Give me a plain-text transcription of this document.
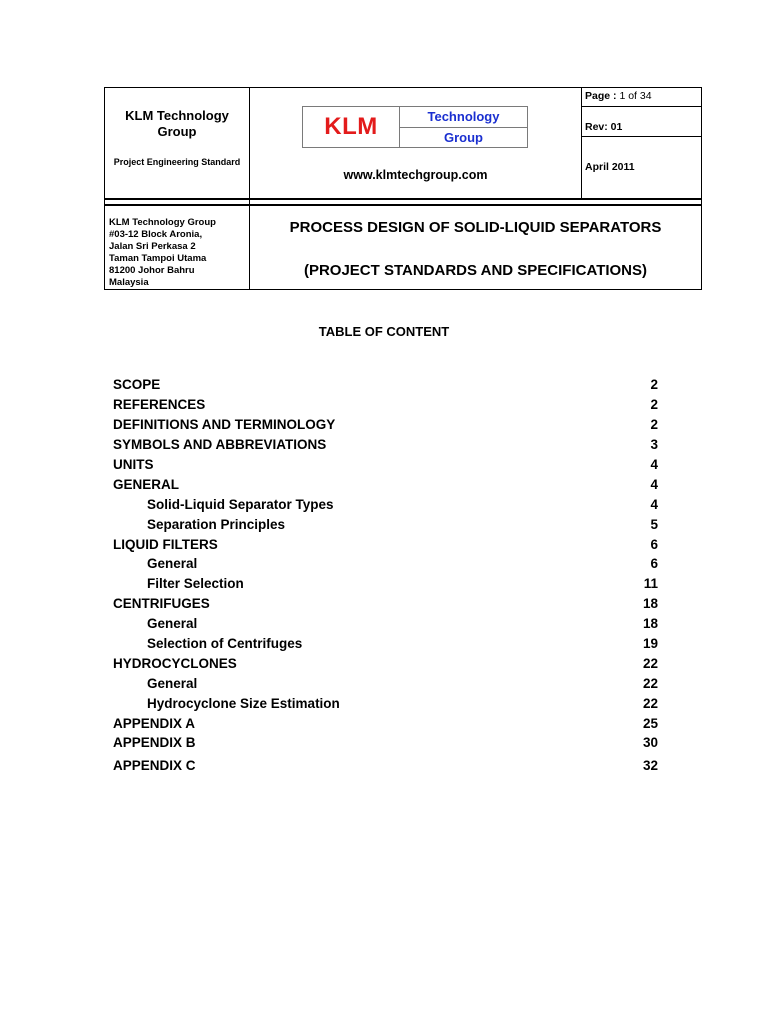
KLM Technology Group
Project Engineering Standard
KLM	Technology
Group
www.klmtechgroup.com
Page : 1 of 34
Rev: 01
April 2011
KLM Technology Group
#03-12 Block Aronia,
Jalan Sri Perkasa 2
Taman Tampoi Utama
81200 Johor Bahru
Malaysia
PROCESS DESIGN OF SOLID-LIQUID SEPARATORS
(PROJECT STANDARDS AND SPECIFICATIONS)
TABLE OF CONTENT
SCOPE	2
REFERENCES	2
DEFINITIONS AND TERMINOLOGY	2
SYMBOLS AND ABBREVIATIONS	3
UNITS	4
GENERAL	4
Solid-Liquid Separator Types	4
Separation Principles	5
LIQUID FILTERS	6
General	6
Filter Selection	11
CENTRIFUGES	18
General	18
Selection of Centrifuges	19
HYDROCYCLONES	22
General	22
Hydrocyclone Size Estimation	22
APPENDIX A	25
APPENDIX B	30
APPENDIX C	32
